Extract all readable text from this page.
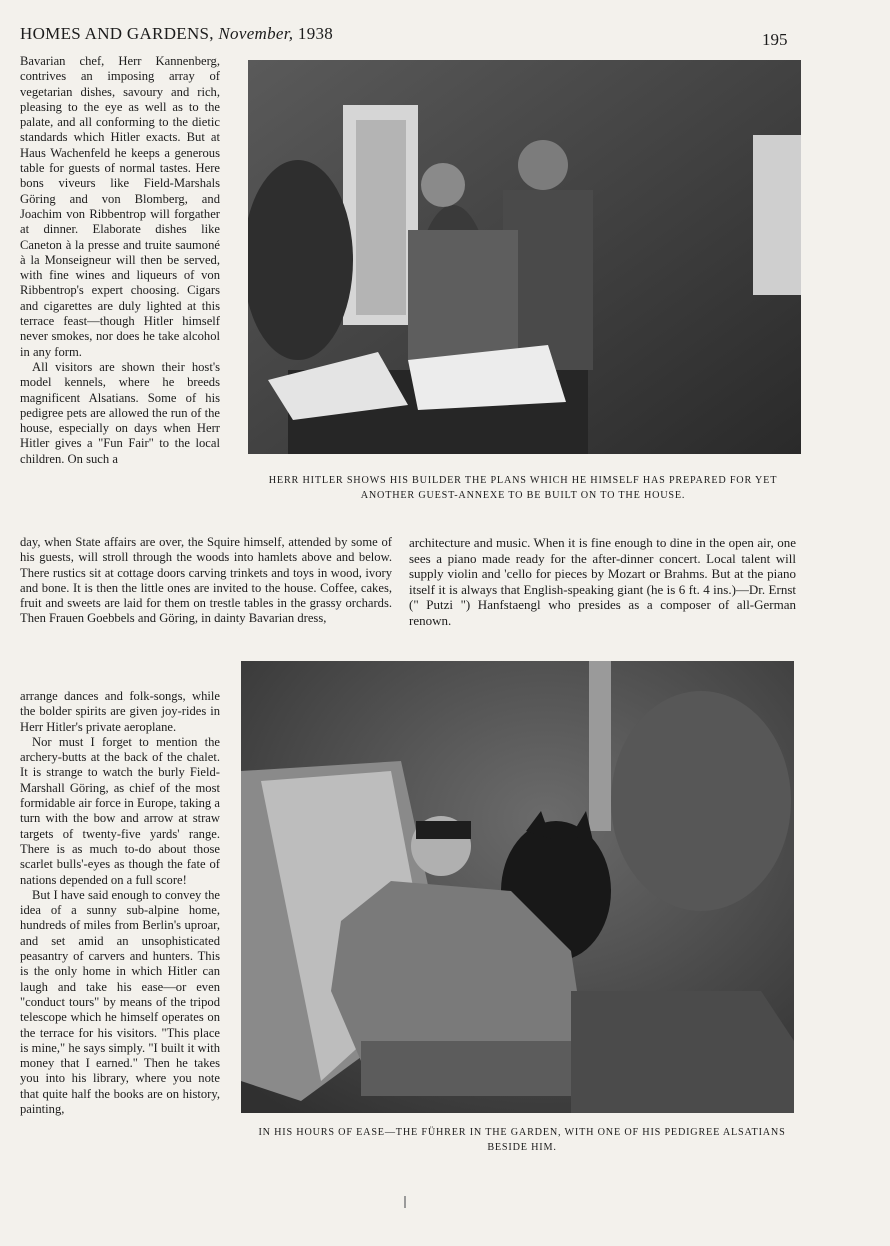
HOMES AND GARDENS, November, 1938	195

Bavarian chef, Herr Kannenberg, contrives an imposing array of vegetarian dishes, savoury and rich, pleasing to the eye as well as to the palate, and all conforming to the dietic standards which Hitler exacts. But at Haus Wachenfeld he keeps a generous table for guests of normal tastes. Here bons viveurs like Field-Marshals Göring and von Blomberg, and Joachim von Ribbentrop will forgather at dinner. Elaborate dishes like Caneton à la presse and truite saumoné à la Monseigneur will then be served, with fine wines and liqueurs of von Ribbentrop's expert choosing. Cigars and cigarettes are duly lighted at this terrace feast—though Hitler himself never smokes, nor does he take alcohol in any form.

All visitors are shown their host's model kennels, where he breeds magnificent Alsatians. Some of his pedigree pets are allowed the run of the house, especially on days when Herr Hitler gives a "Fun Fair" to the local children. On such a

HERR HITLER SHOWS HIS BUILDER THE PLANS WHICH HE HIMSELF HAS PREPARED FOR YET ANOTHER GUEST-ANNEXE TO BE BUILT ON TO THE HOUSE.

day, when State affairs are over, the Squire himself, attended by some of his guests, will stroll through the woods into hamlets above and below. There rustics sit at cottage doors carving trinkets and toys in wood, ivory and bone. It is then the little ones are invited to the house. Coffee, cakes, fruit and sweets are laid for them on trestle tables in the grassy orchards. Then Frauen Goebbels and Göring, in dainty Bavarian dress,

architecture and music. When it is fine enough to dine in the open air, one sees a piano made ready for the after-dinner concert. Local talent will supply violin and 'cello for pieces by Mozart or Brahms. But at the piano itself it is always that English-speaking giant (he is 6 ft. 4 ins.)—Dr. Ernst (" Putzi ") Hanfstaengl who presides as a composer of all-German renown.

arrange dances and folk-songs, while the bolder spirits are given joy-rides in Herr Hitler's private aeroplane.

Nor must I forget to mention the archery-butts at the back of the chalet. It is strange to watch the burly Field-Marshall Göring, as chief of the most formidable air force in Europe, taking a turn with the bow and arrow at straw targets of twenty-five yards' range. There is as much to-do about those scarlet bulls'-eyes as though the fate of nations depended on a full score!

But I have said enough to convey the idea of a sunny sub-alpine home, hundreds of miles from Berlin's uproar, and set amid an unsophisticated peasantry of carvers and hunters. This is the only home in which Hitler can laugh and take his ease—or even "conduct tours" by means of the tripod telescope which he himself operates on the terrace for his visitors. "This place is mine," he says simply. "I built it with money that I earned." Then he takes you into his library, where you note that quite half the books are on history, painting,

IN HIS HOURS OF EASE—THE FÜHRER IN THE GARDEN, WITH ONE OF HIS PEDIGREE ALSATIANS BESIDE HIM.
